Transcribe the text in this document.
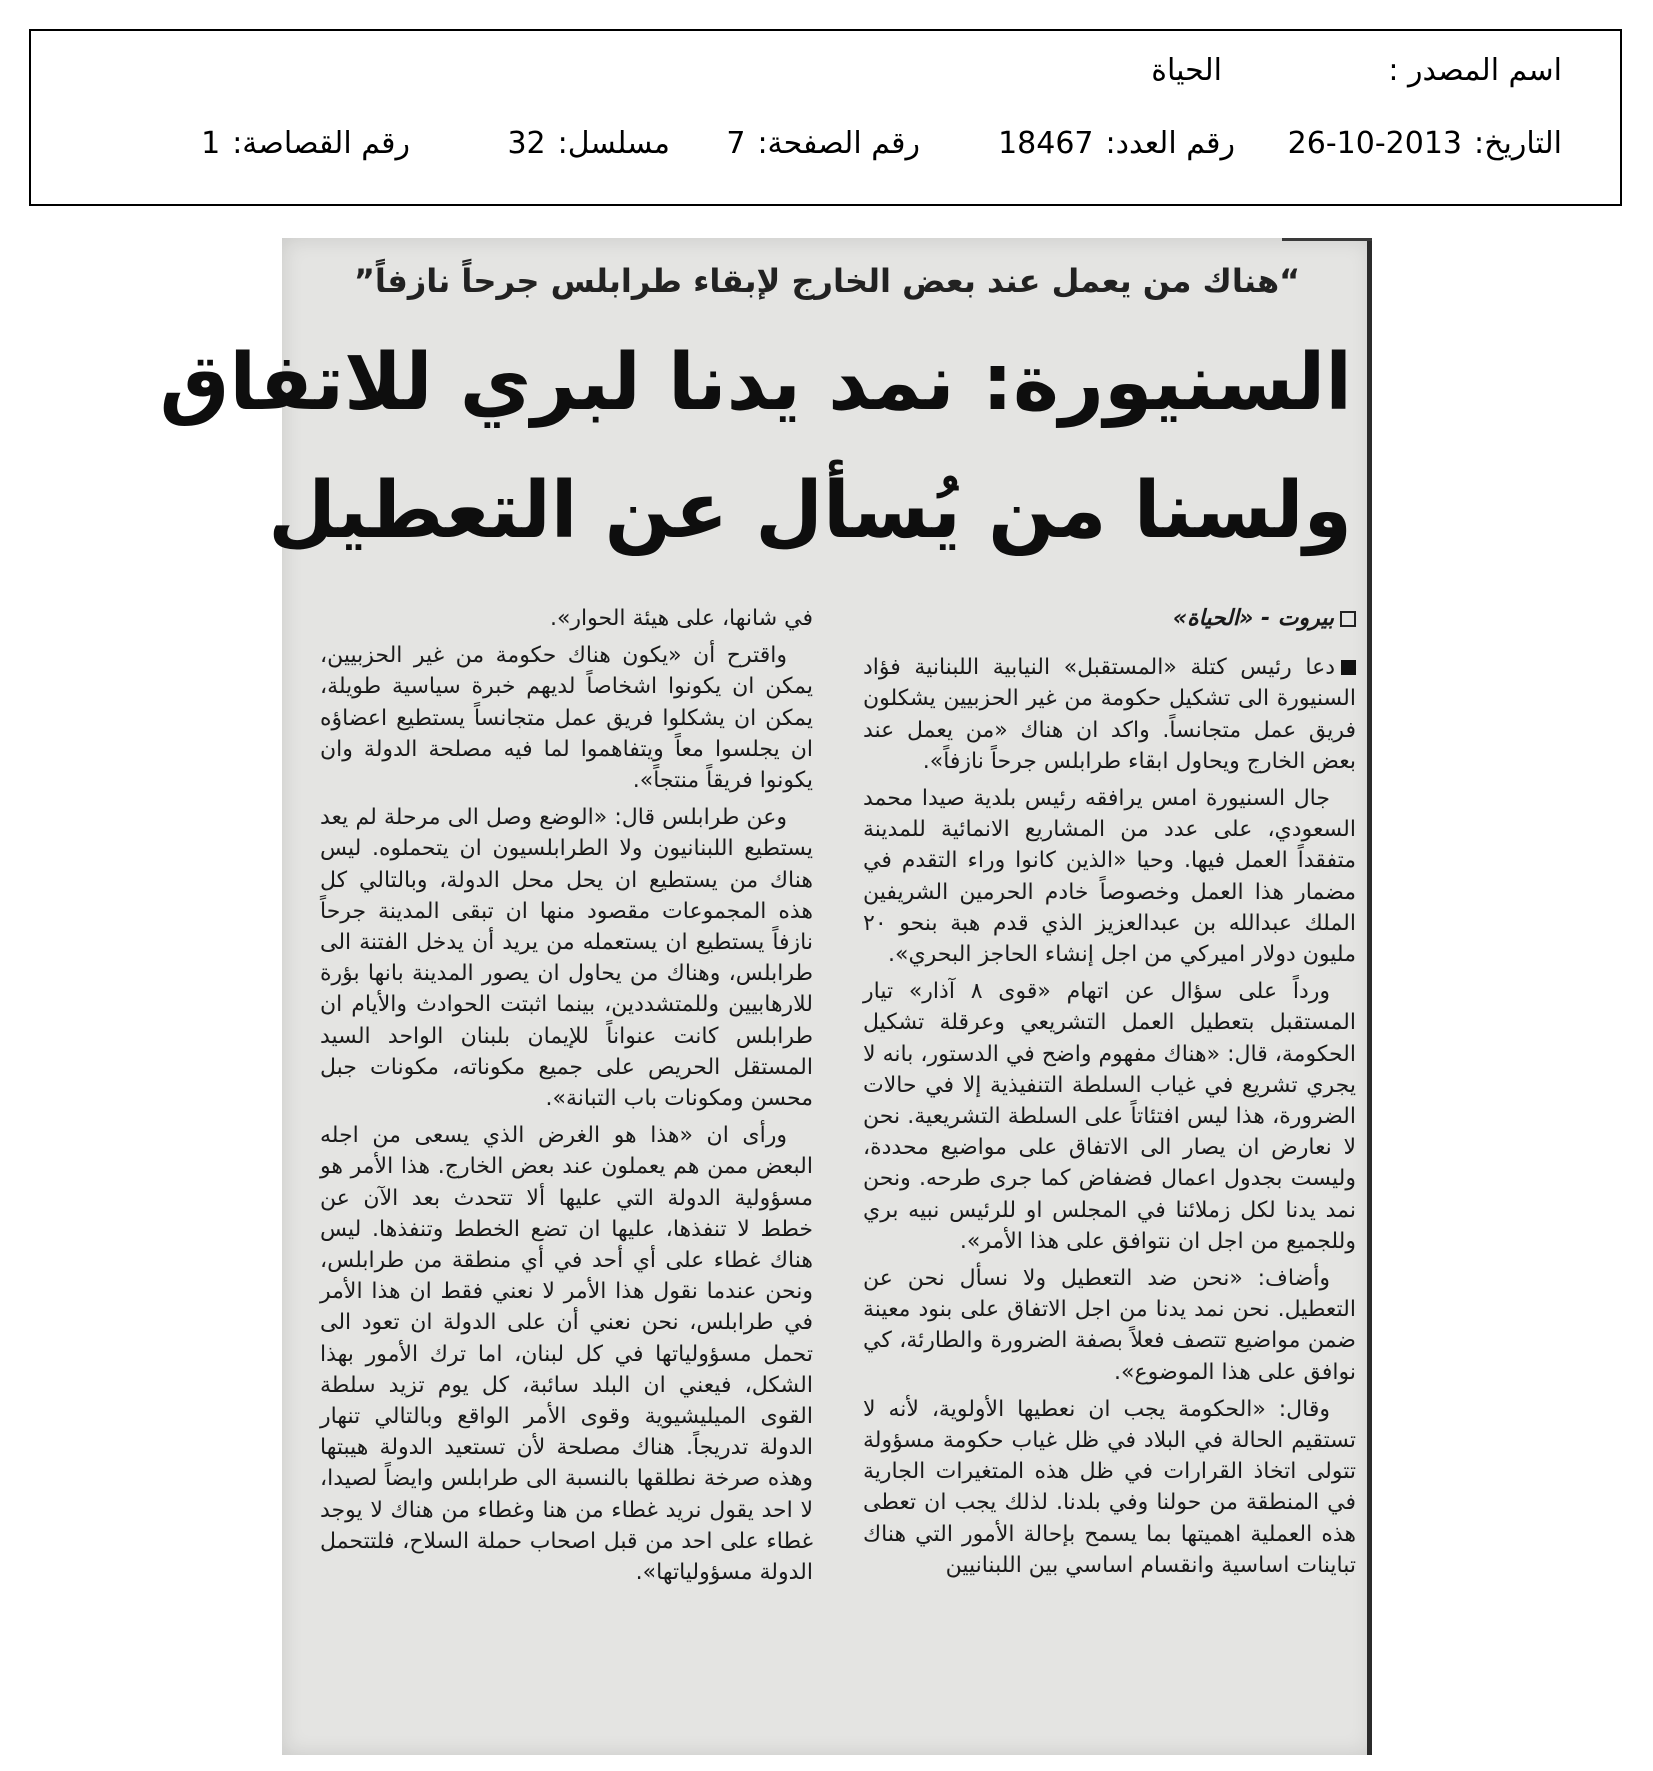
اسم المصدر :
الحياة
التاريخ:2013-10-26
رقم العدد:18467
رقم الصفحة:7
مسلسل:32
رقم القصاصة:1
“هناك من يعمل عند بعض الخارج لإبقاء طرابلس جرحاً نازفاً”
السنيورة: نمد يدنا لبري للاتفاق
ولسنا من يُسأل عن التعطيل

بيروت - «الحياة»

دعا رئيس كتلة «المستقبل» النيابية اللبنانية فؤاد السنيورة الى تشكيل حكومة من غير الحزبيين يشكلون فريق عمل متجانساً. واكد ان هناك «من يعمل عند بعض الخارج ويحاول ابقاء طرابلس جرحاً نازفاً».

جال السنيورة امس يرافقه رئيس بلدية صيدا محمد السعودي، على عدد من المشاريع الانمائية للمدينة متفقداً العمل فيها. وحيا «الذين كانوا وراء التقدم في مضمار هذا العمل وخصوصاً خادم الحرمين الشريفين الملك عبدالله بن عبدالعزيز الذي قدم هبة بنحو ٢٠ مليون دولار اميركي من اجل إنشاء الحاجز البحري».

ورداً على سؤال عن اتهام «قوى ٨ آذار» تيار المستقبل بتعطيل العمل التشريعي وعرقلة تشكيل الحكومة، قال: «هناك مفهوم واضح في الدستور، بانه لا يجري تشريع في غياب السلطة التنفيذية إلا في حالات الضرورة، هذا ليس افتئاتاً على السلطة التشريعية. نحن لا نعارض ان يصار الى الاتفاق على مواضيع محددة، وليست بجدول اعمال فضفاض كما جرى طرحه. ونحن نمد يدنا لكل زملائنا في المجلس او للرئيس نبيه بري وللجميع من اجل ان نتوافق على هذا الأمر».

وأضاف: «نحن ضد التعطيل ولا نسأل نحن عن التعطيل. نحن نمد يدنا من اجل الاتفاق على بنود معينة ضمن مواضيع تتصف فعلاً بصفة الضرورة والطارئة، كي نوافق على هذا الموضوع».

وقال: «الحكومة يجب ان نعطيها الأولوية، لأنه لا تستقيم الحالة في البلاد في ظل غياب حكومة مسؤولة تتولى اتخاذ القرارات في ظل هذه المتغيرات الجارية في المنطقة من حولنا وفي بلدنا. لذلك يجب ان تعطى هذه العملية اهميتها بما يسمح بإحالة الأمور التي هناك تباينات اساسية وانقسام اساسي بين اللبنانيين

في شانها، على هيئة الحوار».

واقترح أن «يكون هناك حكومة من غير الحزبيين، يمكن ان يكونوا اشخاصاً لديهم خبرة سياسية طويلة، يمكن ان يشكلوا فريق عمل متجانساً يستطيع اعضاؤه ان يجلسوا معاً ويتفاهموا لما فيه مصلحة الدولة وان يكونوا فريقاً منتجاً».

وعن طرابلس قال: «الوضع وصل الى مرحلة لم يعد يستطيع اللبنانيون ولا الطرابلسيون ان يتحملوه. ليس هناك من يستطيع ان يحل محل الدولة، وبالتالي كل هذه المجموعات مقصود منها ان تبقى المدينة جرحاً نازفاً يستطيع ان يستعمله من يريد أن يدخل الفتنة الى طرابلس، وهناك من يحاول ان يصور المدينة بانها بؤرة للارهابيين وللمتشددين، بينما اثبتت الحوادث والأيام ان طرابلس كانت عنواناً للإيمان بلبنان الواحد السيد المستقل الحريص على جميع مكوناته، مكونات جبل محسن ومكونات باب التبانة».

ورأى ان «هذا هو الغرض الذي يسعى من اجله البعض ممن هم يعملون عند بعض الخارج. هذا الأمر هو مسؤولية الدولة التي عليها ألا تتحدث بعد الآن عن خطط لا تنفذها، عليها ان تضع الخطط وتنفذها. ليس هناك غطاء على أي أحد في أي منطقة من طرابلس، ونحن عندما نقول هذا الأمر لا نعني فقط ان هذا الأمر في طرابلس، نحن نعني أن على الدولة ان تعود الى تحمل مسؤولياتها في كل لبنان، اما ترك الأمور بهذا الشكل، فيعني ان البلد سائبة، كل يوم تزيد سلطة القوى الميليشيوية وقوى الأمر الواقع وبالتالي تنهار الدولة تدريجاً. هناك مصلحة لأن تستعيد الدولة هيبتها وهذه صرخة نطلقها بالنسبة الى طرابلس وايضاً لصيدا، لا احد يقول نريد غطاء من هنا وغطاء من هناك لا يوجد غطاء على احد من قبل اصحاب حملة السلاح، فلتتحمل الدولة مسؤولياتها».
